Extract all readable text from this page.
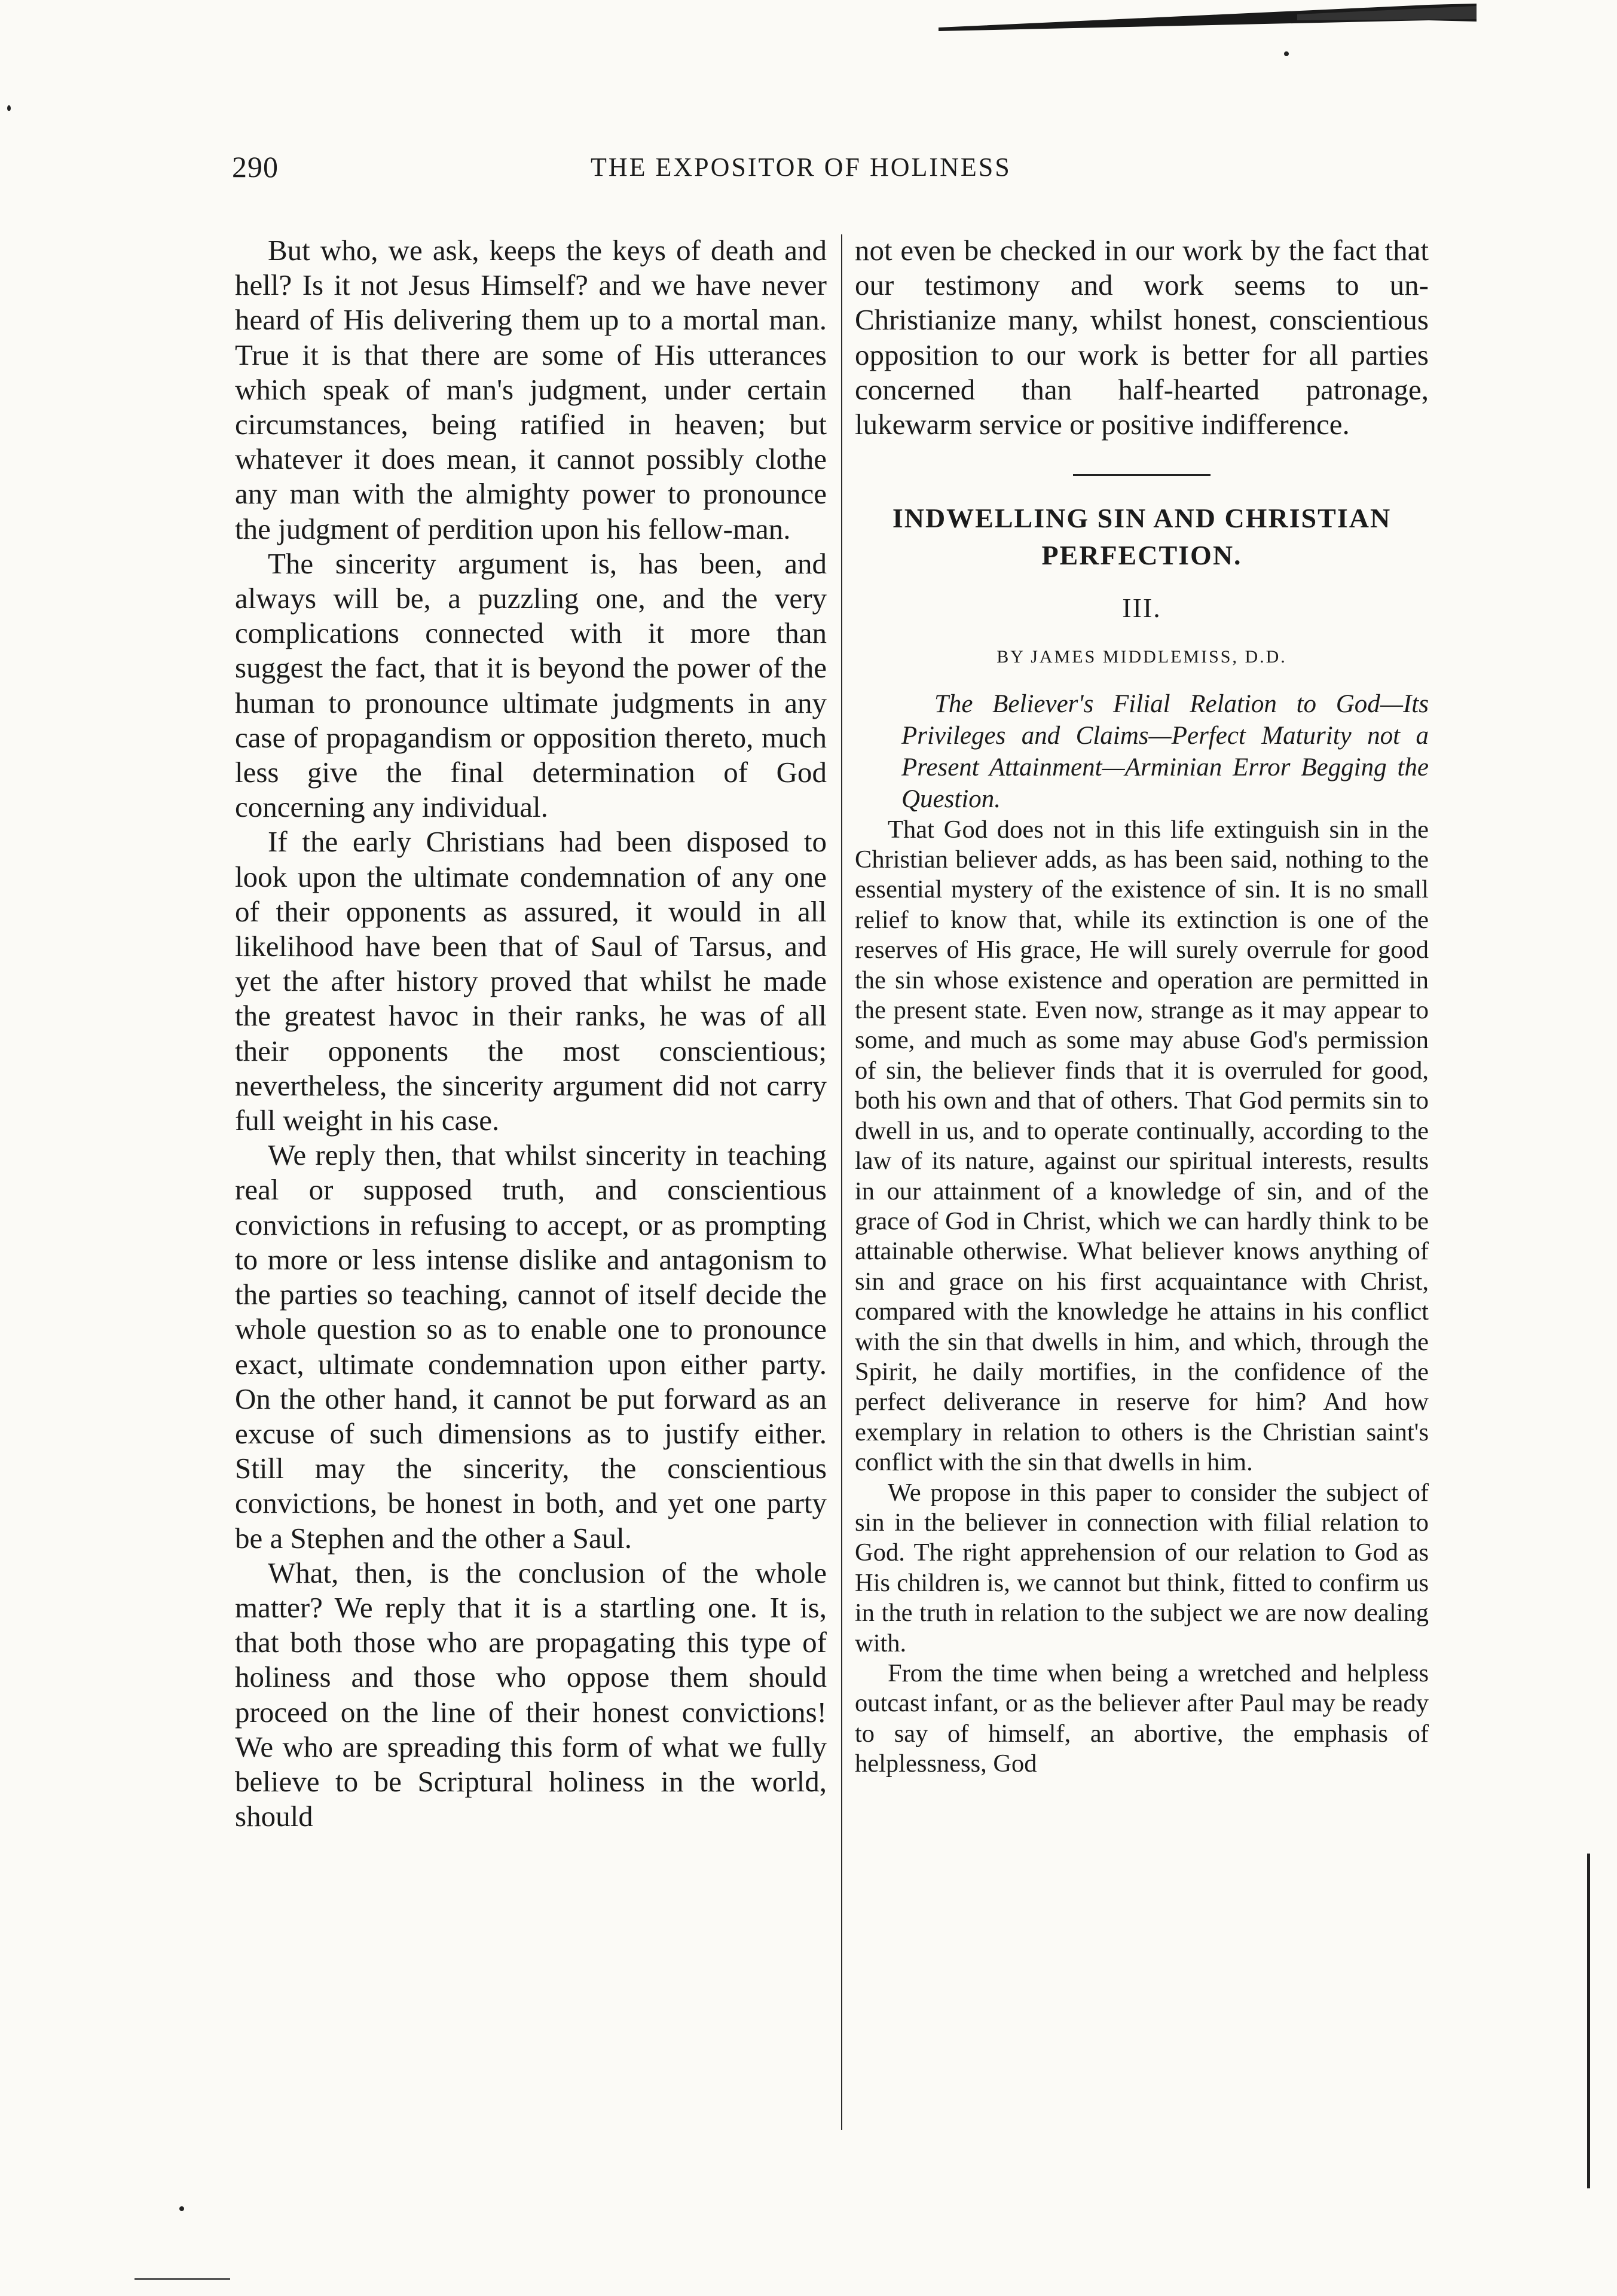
290	THE EXPOSITOR OF HOLINESS

But who, we ask, keeps the keys of death and hell? Is it not Jesus Himself? and we have never heard of His delivering them up to a mortal man. True it is that there are some of His utterances which speak of man's judgment, under certain circumstances, being ratified in heaven; but whatever it does mean, it cannot possibly clothe any man with the almighty power to pronounce the judgment of perdition upon his fellow-man.

The sincerity argument is, has been, and always will be, a puzzling one, and the very complications connected with it more than suggest the fact, that it is beyond the power of the human to pronounce ultimate judgments in any case of propagandism or opposition thereto, much less give the final determination of God concerning any individual.

If the early Christians had been disposed to look upon the ultimate condemnation of any one of their opponents as assured, it would in all likelihood have been that of Saul of Tarsus, and yet the after history proved that whilst he made the greatest havoc in their ranks, he was of all their opponents the most conscientious; nevertheless, the sincerity argument did not carry full weight in his case.

We reply then, that whilst sincerity in teaching real or supposed truth, and conscientious convictions in refusing to accept, or as prompting to more or less intense dislike and antagonism to the parties so teaching, cannot of itself decide the whole question so as to enable one to pronounce exact, ultimate condemnation upon either party. On the other hand, it cannot be put forward as an excuse of such dimensions as to justify either. Still may the sincerity, the conscientious convictions, be honest in both, and yet one party be a Stephen and the other a Saul.

What, then, is the conclusion of the whole matter? We reply that it is a startling one. It is, that both those who are propagating this type of holiness and those who oppose them should proceed on the line of their honest convictions! We who are spreading this form of what we fully believe to be Scriptural holiness in the world, should

not even be checked in our work by the fact that our testimony and work seems to un-Christianize many, whilst honest, conscientious opposition to our work is better for all parties concerned than half-hearted patronage, lukewarm service or positive indifference.

INDWELLING SIN AND CHRISTIAN
PERFECTION.
III.
BY JAMES MIDDLEMISS, D.D.

The Believer's Filial Relation to God—Its Privileges and Claims—Perfect Maturity not a Present Attainment—Arminian Error Begging the Question.

That God does not in this life extinguish sin in the Christian believer adds, as has been said, nothing to the essential mystery of the existence of sin. It is no small relief to know that, while its extinction is one of the reserves of His grace, He will surely overrule for good the sin whose existence and operation are permitted in the present state. Even now, strange as it may appear to some, and much as some may abuse God's permission of sin, the believer finds that it is overruled for good, both his own and that of others. That God permits sin to dwell in us, and to operate continually, according to the law of its nature, against our spiritual interests, results in our attainment of a knowledge of sin, and of the grace of God in Christ, which we can hardly think to be attainable otherwise. What believer knows anything of sin and grace on his first acquaintance with Christ, compared with the knowledge he attains in his conflict with the sin that dwells in him, and which, through the Spirit, he daily mortifies, in the confidence of the perfect deliverance in reserve for him? And how exemplary in relation to others is the Christian saint's conflict with the sin that dwells in him.

We propose in this paper to consider the subject of sin in the believer in connection with filial relation to God. The right apprehension of our relation to God as His children is, we cannot but think, fitted to confirm us in the truth in relation to the subject we are now dealing with.

From the time when being a wretched and helpless outcast infant, or as the believer after Paul may be ready to say of himself, an abortive, the emphasis of helplessness, God
